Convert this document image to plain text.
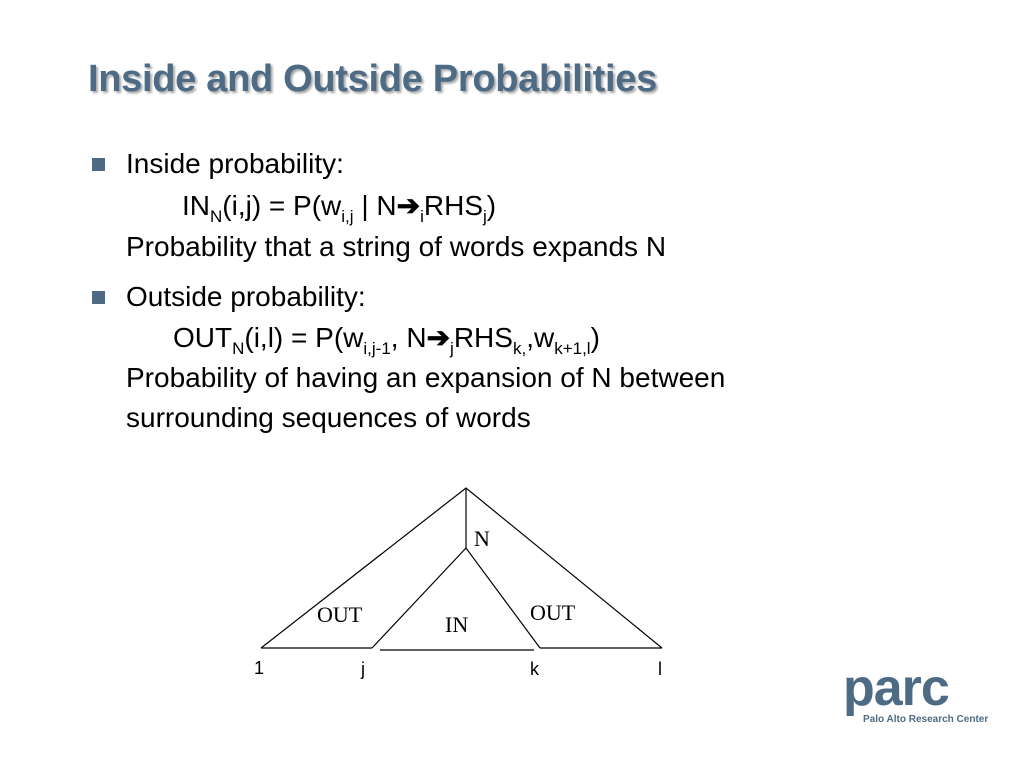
Inside and Outside Probabilities
Inside probability:
$IN_N(i,j) = P(w_{i,j}$ | $N➔_iRHS_j$)
Probability that a string of words expands N
Outside probability:
$OUT_N(i,l) = P(w_{i,j-1}$, $N➔_jRHS_{k,},w_{k+1,l}$)
Probability of having an expansion of N between
surrounding sequences of words
N
OUT	IN	OUT
1	j	k	l	parc
Palo Alto Research Center
